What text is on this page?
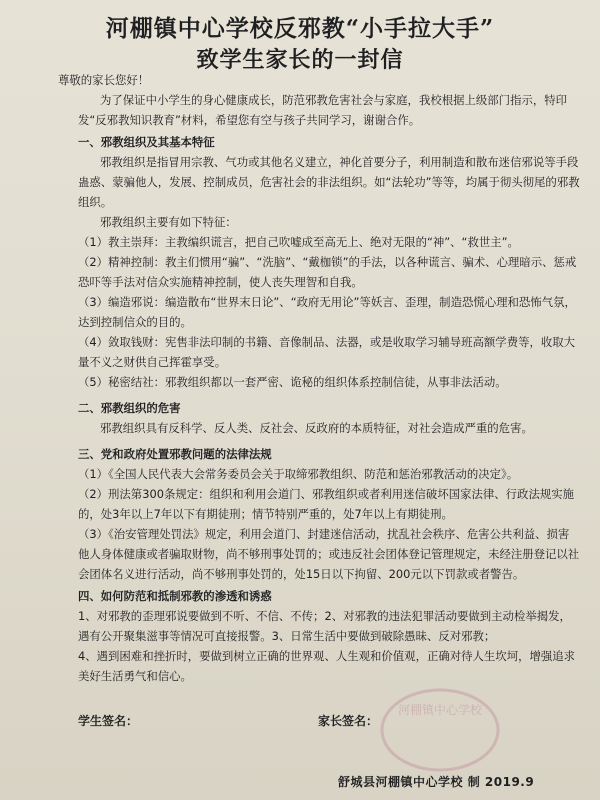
河棚镇中心学校反邪教“小手拉大手”
致学生家长的一封信

尊敬的家长您好！

为了保证中小学生的身心健康成长，防范邪教危害社会与家庭，我校根据上级部门指示，特印发“反邪教知识教育”材料，希望您有空与孩子共同学习，谢谢合作。

一、邪教组织及其基本特征

邪教组织是指冒用宗教、气功或其他名义建立，神化首要分子，利用制造和散布迷信邪说等手段蛊惑、蒙骗他人，发展、控制成员，危害社会的非法组织。如“法轮功”等等，均属于彻头彻尾的邪教组织。

邪教组织主要有如下特征：

（1）教主崇拜：主教编织谎言，把自己吹嘘成至高无上、绝对无限的“神”、“救世主”。

（2）精神控制：教主们惯用“骗”、“洗脑”、“戴枷锁”的手法，以各种谎言、骗术、心理暗示、惩戒恐吓等手法对信众实施精神控制，使人丧失理智和自我。

（3）编造邪说：编造散布“世界末日论”、“政府无用论”等妖言、歪理，制造恐慌心理和恐怖气氛，达到控制信众的目的。

（4）敛取钱财：宪售非法印制的书籍、音像制品、法器，或是收取学习辅导班高额学费等，收取大量不义之财供自己挥霍享受。

（5）秘密结社：邪教组织都以一套严密、诡秘的组织体系控制信徒，从事非法活动。

二、邪教组织的危害

邪教组织具有反科学、反人类、反社会、反政府的本质特征，对社会造成严重的危害。

三、党和政府处置邪教问题的法律法规

（1）《全国人民代表大会常务委员会关于取缔邪教组织、防范和惩治邪教活动的决定》。

（2）刑法第300条规定：组织和利用会道门、邪教组织或者利用迷信破坏国家法律、行政法规实施的，处3年以上7年以下有期徒刑；情节特别严重的，处7年以上有期徒刑。

（3）《治安管理处罚法》规定，利用会道门、封建迷信活动，扰乱社会秩序、危害公共利益、损害他人身体健康或者骗取财物，尚不够刑事处罚的；或违反社会团体登记管理规定，未经注册登记以社会团体名义进行活动，尚不够刑事处罚的，处15日以下拘留、200元以下罚款或者警告。

四、如何防范和抵制邪教的渗透和诱惑

1、对邪教的歪理邪说要做到不听、不信、不传；2、对邪教的违法犯罪活动要做到主动检举揭发，遇有公开聚集滋事等情况可直接报警。3、日常生活中要做到破除愚昧、反对邪教；

4、遇到困难和挫折时，要做到树立正确的世界观、人生观和价值观，正确对待人生坎坷，增强追求美好生活勇气和信心。

河棚镇中心学校
学生签名：	家长签名：
舒城县河棚镇中心学校 制 2019.9
